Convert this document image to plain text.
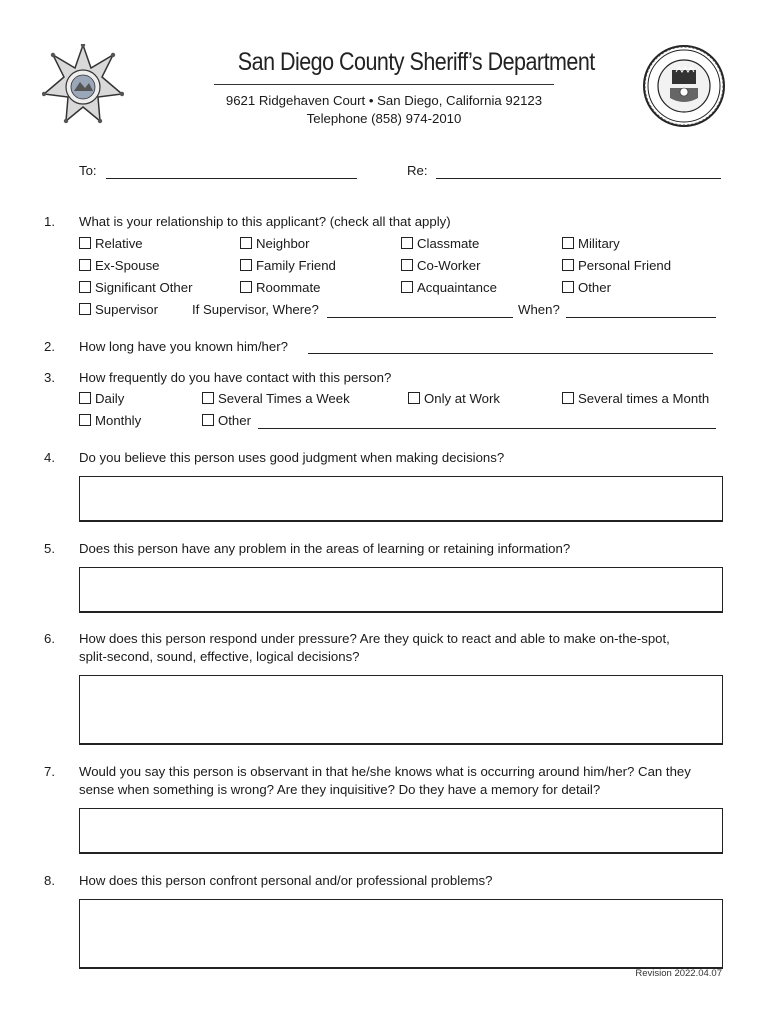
San Diego County Sheriff’s Department
9621 Ridgehaven Court • San Diego, California 92123
Telephone (858) 974-2010
To:	Re:
1.	What is your relationship to this applicant? (check all that apply)
Relative	Neighbor	Classmate	Military
Ex-Spouse	Family Friend	Co-Worker	Personal Friend
Significant Other	Roommate	Acquaintance	Other
Supervisor	If Supervisor, Where?	When?
2.	How long have you known him/her?
3.	How frequently do you have contact with this person?
Daily	Several Times a Week	Only at Work	Several times a Month
Monthly	Other
4.	Do you believe this person uses good judgment when making decisions?
5.	Does this person have any problem in the areas of learning or retaining information?
6.	How does this person respond under pressure? Are they quick to react and able to make on-the-spot,
split-second, sound, effective, logical decisions?
7.	Would you say this person is observant in that he/she knows what is occurring around him/her? Can they
sense when something is wrong? Are they inquisitive? Do they have a memory for detail?
8.	How does this person confront personal and/or professional problems?
Revision 2022.04.07
